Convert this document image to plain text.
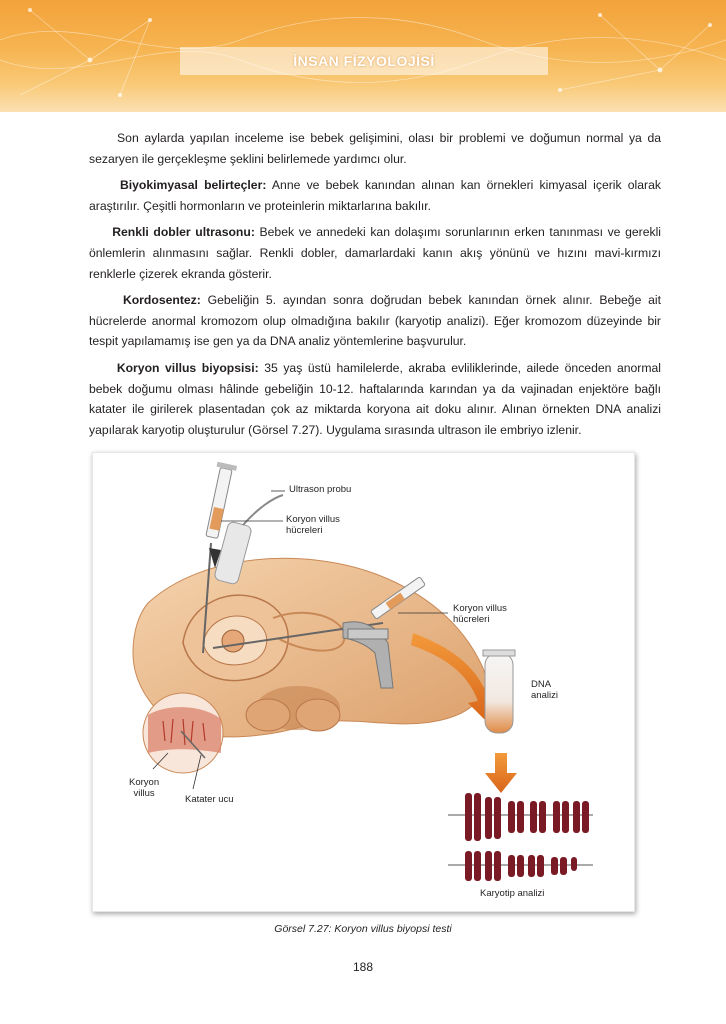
İNSAN FİZYOLOJİSİ

Son aylarda yapılan inceleme ise bebek gelişimini, olası bir problemi ve doğumun normal ya da sezaryen ile gerçekleşme şeklini belirlemede yardımcı olur.

Biyokimyasal belirteçler: Anne ve bebek kanından alınan kan örnekleri kimyasal içerik olarak araştırılır. Çeşitli hormonların ve proteinlerin miktarlarına bakılır.

Renkli dobler ultrasonu: Bebek ve annedeki kan dolaşımı sorunlarının erken tanınması ve gerekli önlemlerin alınmasını sağlar. Renkli dobler, damarlardaki kanın akış yönünü ve hızını mavi-kırmızı renklerle çizerek ekranda gösterir.

Kordosentez: Gebeliğin 5. ayından sonra doğrudan bebek kanından örnek alınır. Bebeğe ait hücrelerde anormal kromozom olup olmadığına bakılır (karyotip analizi). Eğer kromozom düzeyinde bir tespit yapılamamış ise gen ya da DNA analiz yöntemlerine başvurulur.

Koryon villus biyopsisi: 35 yaş üstü hamilelerde, akraba evliliklerinde, ailede önceden anormal bebek doğumu olması hâlinde gebeliğin 10-12. haftalarında karından ya da vajinadan enjektöre bağlı katater ile girilerek plasentadan çok az miktarda koryona ait doku alınır. Alınan örnekten DNA analizi yapılarak karyotip oluşturulur (Görsel 7.27). Uygulama sırasında ultrason ile embriyo izlenir.

Ultrason probu
Koryon villus
hücreleri
Koryon villus
hücreleri
DNA
analizi
Koryon
villus
Katater ucu
Karyotip analizi
Görsel 7.27: Koryon villus biyopsi testi
188
